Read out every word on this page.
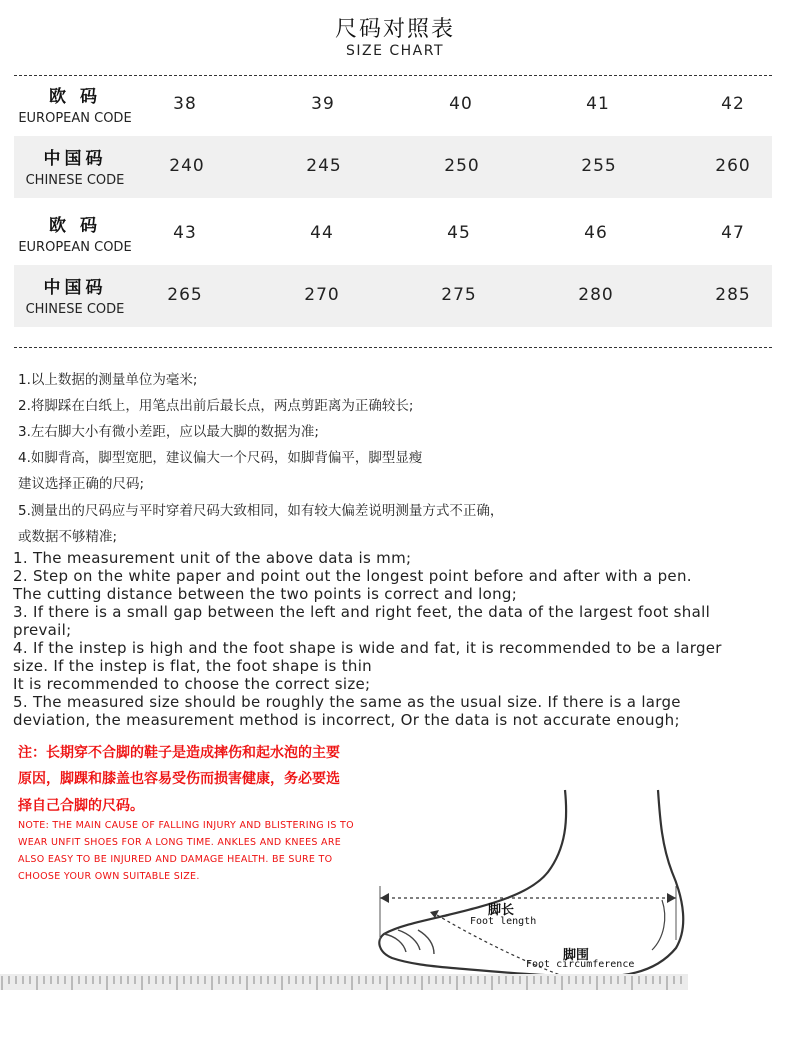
尺码对照表
SIZE CHART
欧 码
EUROPEAN CODE
38	39	40	41	42
中国码
CHINESE CODE
240	245	250	255	260
欧 码
EUROPEAN CODE
43	44	45	46	47
中国码
CHINESE CODE
265	270	275	280	285
1.以上数据的测量单位为毫米;
2.将脚踩在白纸上，用笔点出前后最长点，两点剪距离为正确较长;
3.左右脚大小有微小差距，应以最大脚的数据为准;
4.如脚背高，脚型宽肥，建议偏大一个尺码，如脚背偏平，脚型显瘦
建议选择正确的尺码;
5.测量出的尺码应与平时穿着尺码大致相同，如有较大偏差说明测量方式不正确，
或数据不够精准;
1. The measurement unit of the above data is mm;
2. Step on the white paper and point out the longest point before and after with a pen.
The cutting distance between the two points is correct and long;
3. If there is a small gap between the left and right feet, the data of the largest foot shall
prevail;
4. If the instep is high and the foot shape is wide and fat, it is recommended to be a larger
size. If the instep is flat, the foot shape is thin
It is recommended to choose the correct size;
5. The measured size should be roughly the same as the usual size. If there is a large
deviation, the measurement method is incorrect, Or the data is not accurate enough;
注：长期穿不合脚的鞋子是造成摔伤和起水泡的主要
原因，脚踝和膝盖也容易受伤而损害健康，务必要选
择自己合脚的尺码。
NOTE: THE MAIN CAUSE OF FALLING INJURY AND BLISTERING IS TO
WEAR UNFIT SHOES FOR A LONG TIME. ANKLES AND KNEES ARE
ALSO EASY TO BE INJURED AND DAMAGE HEALTH. BE SURE TO
CHOOSE YOUR OWN SUITABLE SIZE.
脚长
Foot length
脚围
Foot circumference
